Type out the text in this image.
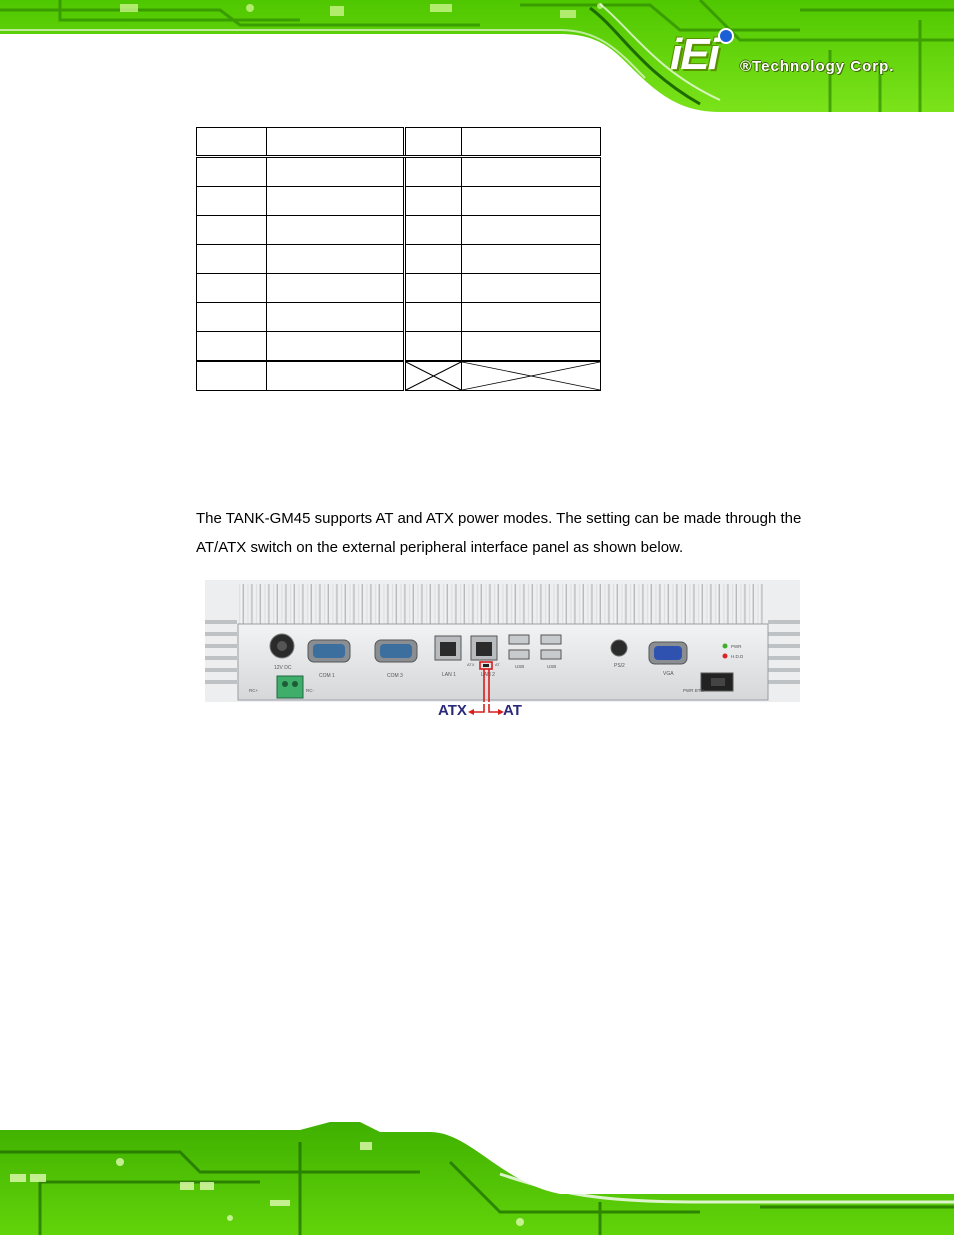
iEi ®Technology Corp.

The TANK-GM45 supports AT and ATX power modes. The setting can be made through the AT/ATX switch on the external peripheral interface panel as shown below.

12V DC
COM 1	COM 3	LAN 1
ATX	AT
LAN 2
USB	USB	PS/2
VGA
PWR
H.D.D
PWR BTN
RC+	RC-
ATX AT
